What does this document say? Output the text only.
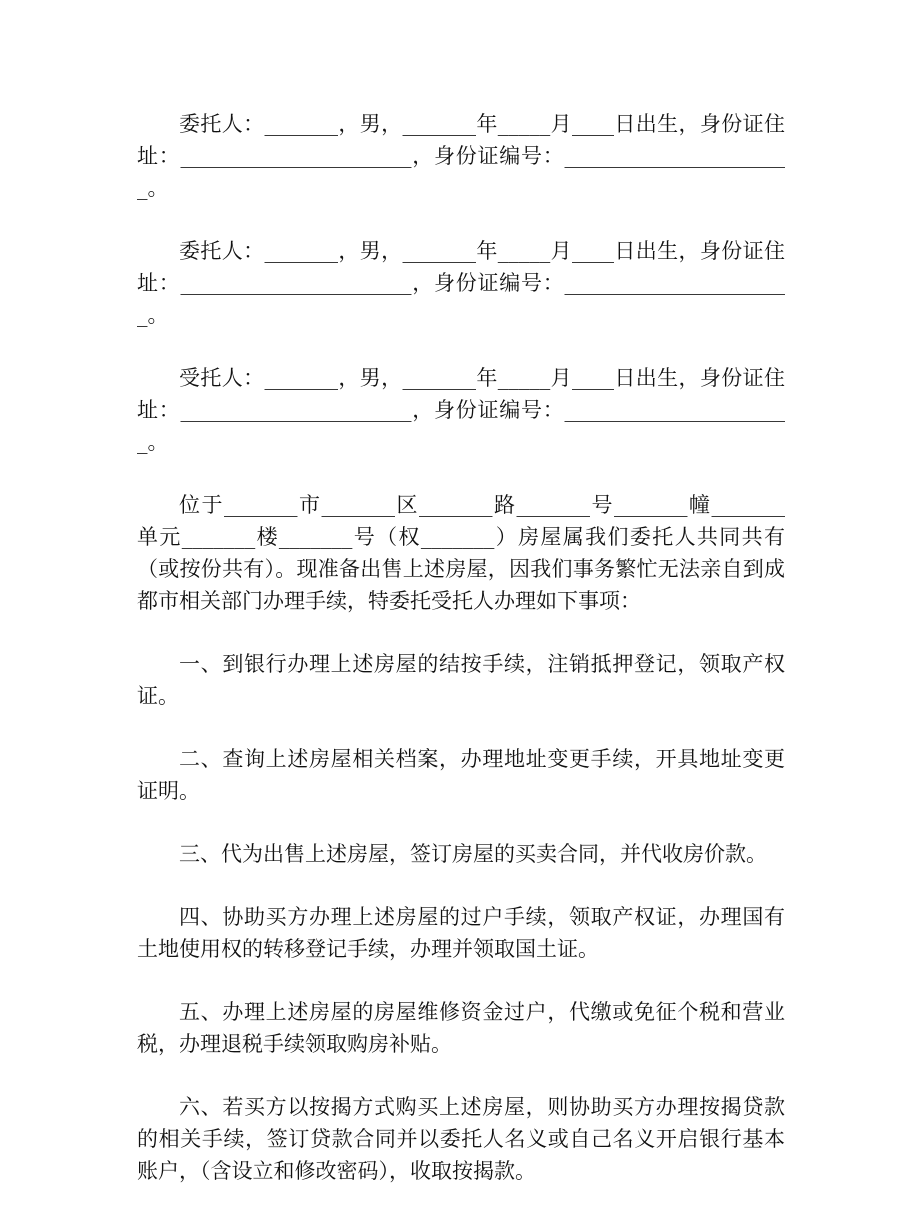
委托人：_______，男，_______年_____月____日出生，身份证住址：______________________，身份证编号：______________________。

委托人：_______，男，_______年_____月____日出生，身份证住址：______________________，身份证编号：______________________。

受托人：_______，男，_______年_____月____日出生，身份证住址：______________________，身份证编号：______________________。

位于_______市_______区_______路_______号_______幢_______单元_______楼_______号（权_______）房屋属我们委托人共同共有（或按份共有）。现准备出售上述房屋，因我们事务繁忙无法亲自到成都市相关部门办理手续，特委托受托人办理如下事项：

一、到银行办理上述房屋的结按手续，注销抵押登记，领取产权证。

二、查询上述房屋相关档案，办理地址变更手续，开具地址变更证明。

三、代为出售上述房屋，签订房屋的买卖合同，并代收房价款。

四、协助买方办理上述房屋的过户手续，领取产权证，办理国有土地使用权的转移登记手续，办理并领取国土证。

五、办理上述房屋的房屋维修资金过户，代缴或免征个税和营业税，办理退税手续领取购房补贴。

六、若买方以按揭方式购买上述房屋，则协助买方办理按揭贷款的相关手续，签订贷款合同并以委托人名义或自己名义开启银行基本账户，（含设立和修改密码），收取按揭款。
